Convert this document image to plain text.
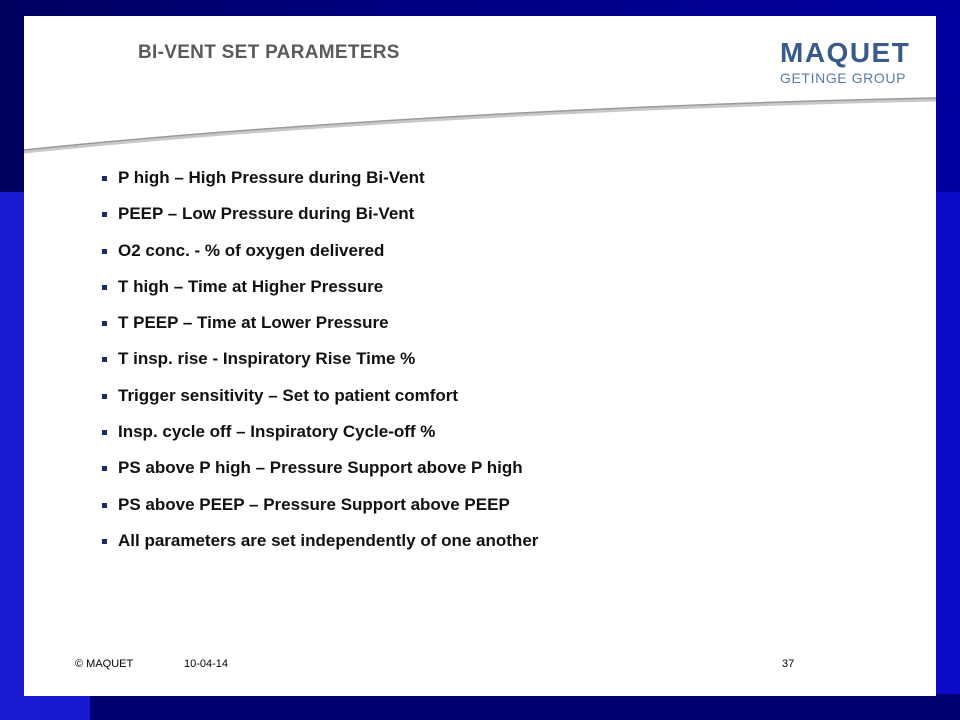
BI-VENT SET PARAMETERS	MAQUET
GETINGE GROUP
P high – High Pressure during Bi-Vent
PEEP – Low Pressure during Bi-Vent
O2 conc. - % of oxygen delivered
T high – Time at Higher Pressure
T PEEP – Time at Lower Pressure
T insp. rise - Inspiratory Rise Time %
Trigger sensitivity – Set to patient comfort
Insp. cycle off – Inspiratory Cycle-off %
PS above P high – Pressure Support above P high
PS above PEEP – Pressure Support above PEEP
All parameters are set independently of one another
© MAQUET	10-04-14	37
